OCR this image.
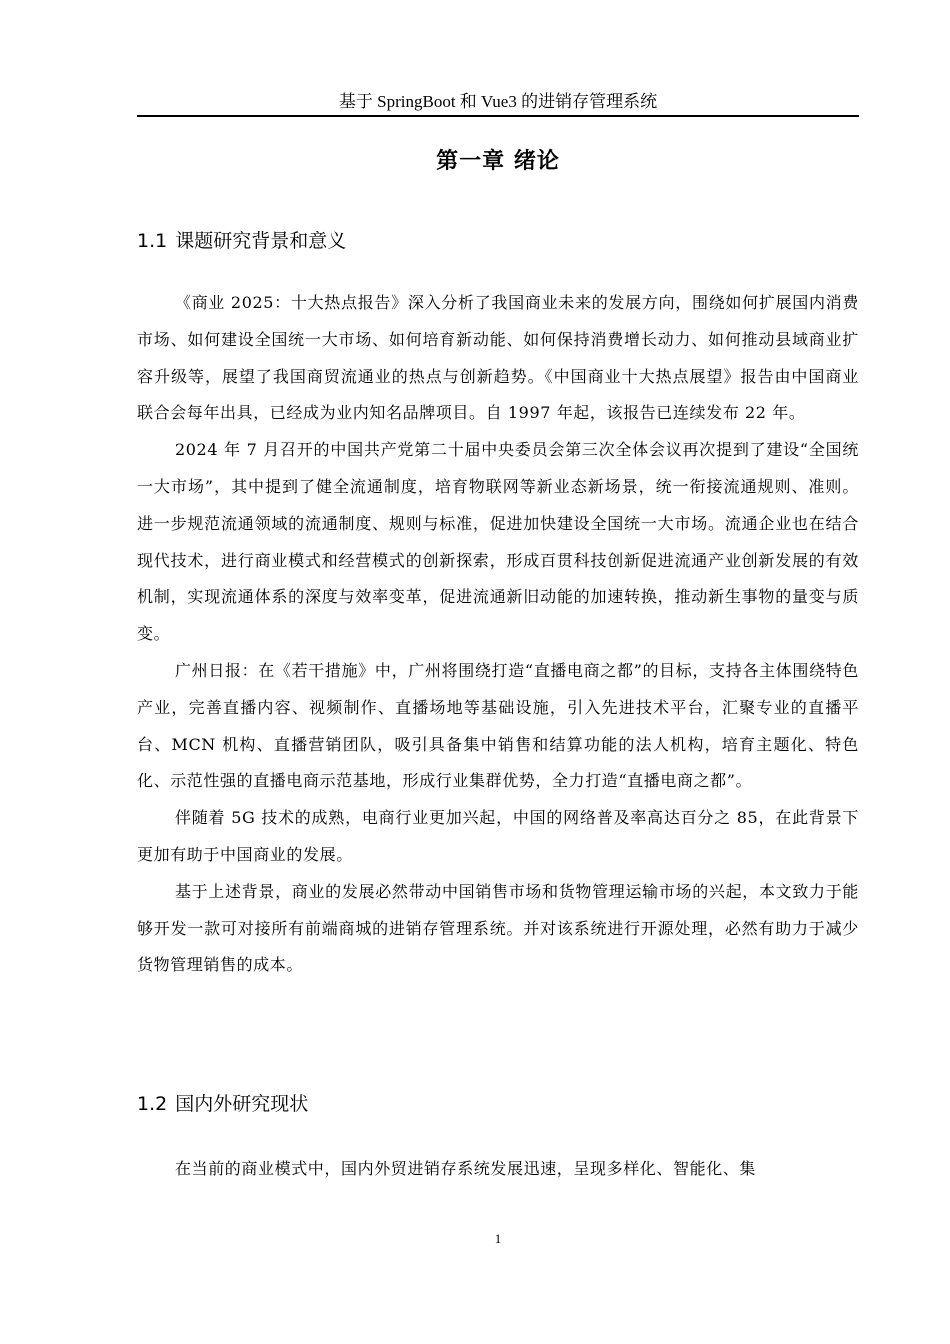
基于 SpringBoot 和 Vue3 的进销存管理系统
第一章 绪论
1.1 课题研究背景和意义

《商业 2025：十大热点报告》深入分析了我国商业未来的发展方向，围绕如何扩展国内消费市场、如何建设全国统一大市场、如何培育新动能、如何保持消费增长动力、如何推动县域商业扩容升级等，展望了我国商贸流通业的热点与创新趋势。《中国商业十大热点展望》报告由中国商业联合会每年出具，已经成为业内知名品牌项目。自 1997 年起，该报告已连续发布 22 年。

2024 年 7 月召开的中国共产党第二十届中央委员会第三次全体会议再次提到了建设“全国统一大市场”，其中提到了健全流通制度，培育物联网等新业态新场景，统一衔接流通规则、准则。进一步规范流通领域的流通制度、规则与标准，促进加快建设全国统一大市场。流通企业也在结合现代技术，进行商业模式和经营模式的创新探索，形成百贯科技创新促进流通产业创新发展的有效机制，实现流通体系的深度与效率变革，促进流通新旧动能的加速转换，推动新生事物的量变与质变。

广州日报：在《若干措施》中，广州将围绕打造“直播电商之都”的目标，支持各主体围绕特色产业，完善直播内容、视频制作、直播场地等基础设施，引入先进技术平台，汇聚专业的直播平台、MCN 机构、直播营销团队，吸引具备集中销售和结算功能的法人机构，培育主题化、特色化、示范性强的直播电商示范基地，形成行业集群优势，全力打造“直播电商之都”。

伴随着 5G 技术的成熟，电商行业更加兴起，中国的网络普及率高达百分之 85，在此背景下更加有助于中国商业的发展。

基于上述背景，商业的发展必然带动中国销售市场和货物管理运输市场的兴起，本文致力于能够开发一款可对接所有前端商城的进销存管理系统。并对该系统进行开源处理，必然有助力于减少货物管理销售的成本。

1.2 国内外研究现状

在当前的商业模式中，国内外贸进销存系统发展迅速，呈现多样化、智能化、集

1
